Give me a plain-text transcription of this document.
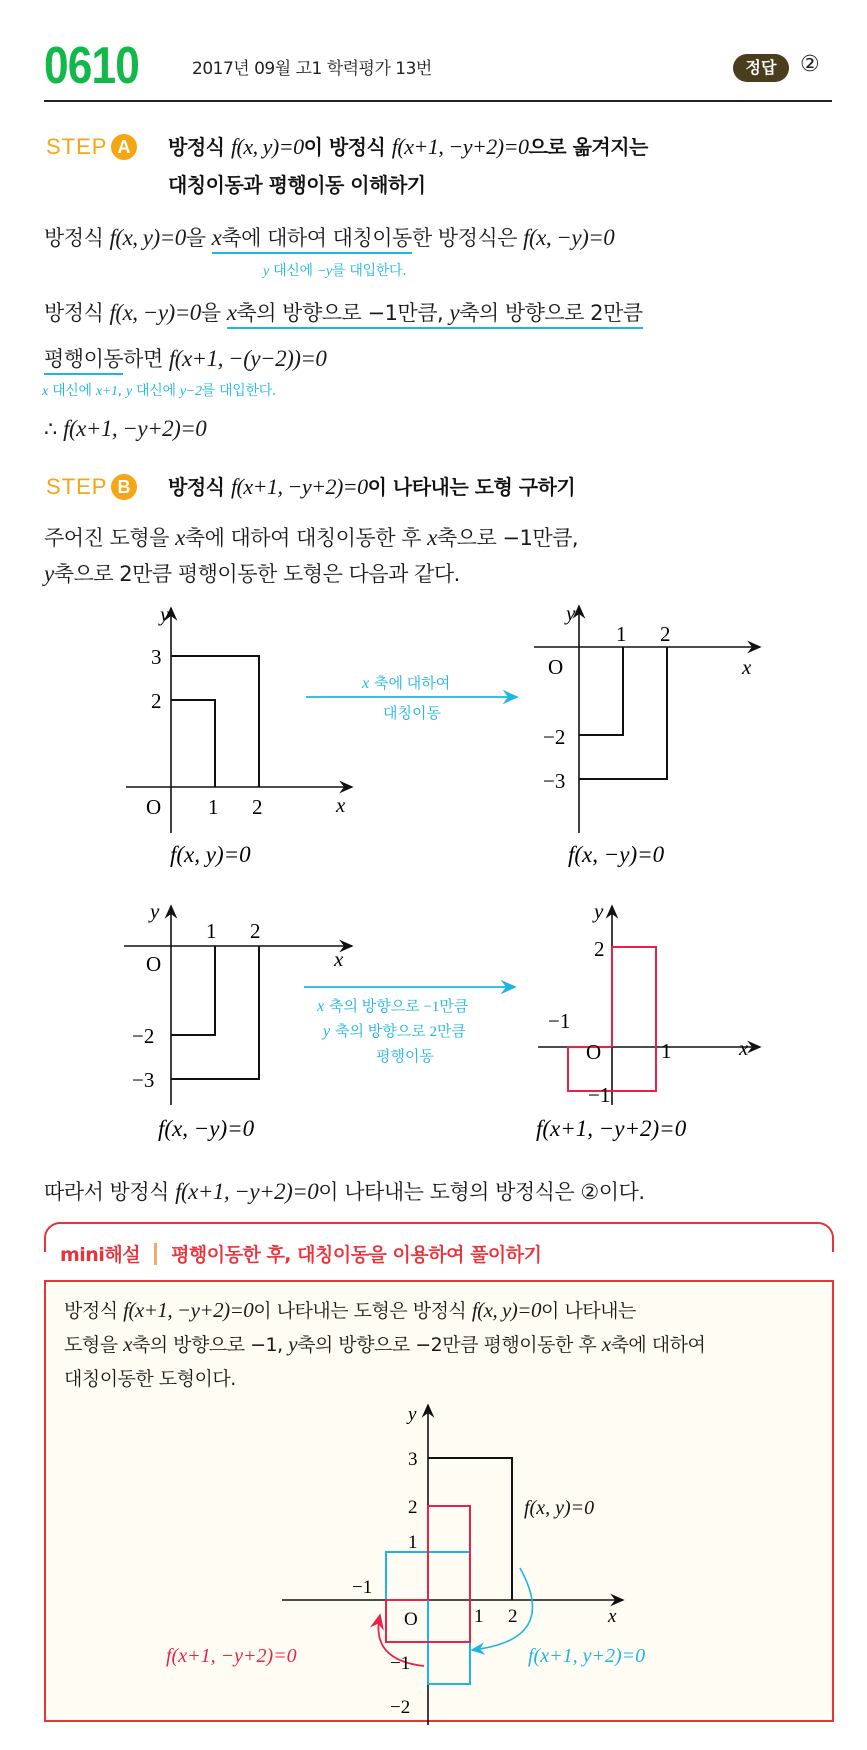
0610	2017년 09월 고1 학력평가 13번	정답	②
STEP A	방정식 f(x, y)=0이 방정식 f(x+1, −y+2)=0으로 옮겨지는
대칭이동과 평행이동 이해하기
방정식 f(x, y)=0을 x축에 대하여 대칭이동한 방정식은 f(x, −y)=0
y 대신에 −y를 대입한다.
방정식 f(x, −y)=0을 x축의 방향으로 −1만큼, y축의 방향으로 2만큼
평행이동하면 f(x+1, −(y−2))=0
x 대신에 x+1, y 대신에 y−2를 대입한다.
∴ f(x+1, −y+2)=0
STEP B	방정식 f(x+1, −y+2)=0이 나타내는 도형 구하기
주어진 도형을 x축에 대하여 대칭이동한 후 x축으로 −1만큼,
y축으로 2만큼 평행이동한 도형은 다음과 같다.
y
x
O 1 2
3
2
f(x, y)=0
x 축에 대하여
대칭이동
y
x
O
1 2
−2
−3
f(x, −y)=0
y
x
O
1 2
−2
−3
f(x, −y)=0
x 축의 방향으로 −1만큼
y 축의 방향으로 2만큼
평행이동
y
x
O	1
2
−1
−1
f(x+1, −y+2)=0
따라서 방정식 f(x+1, −y+2)=0이 나타내는 도형의 방정식은 ②이다.
mini해설 평행이동한 후, 대칭이동을 이용하여 풀이하기
방정식 f(x+1, −y+2)=0이 나타내는 도형은 방정식 f(x, y)=0이 나타내는
도형을 x축의 방향으로 −1, y축의 방향으로 −2만큼 평행이동한 후 x축에 대하여
대칭이동한 도형이다.
y
x
O	1 2
3
2
1
−1
−1
−2
f(x, y)=0
f(x+1, −y+2)=0	f(x+1, y+2)=0
